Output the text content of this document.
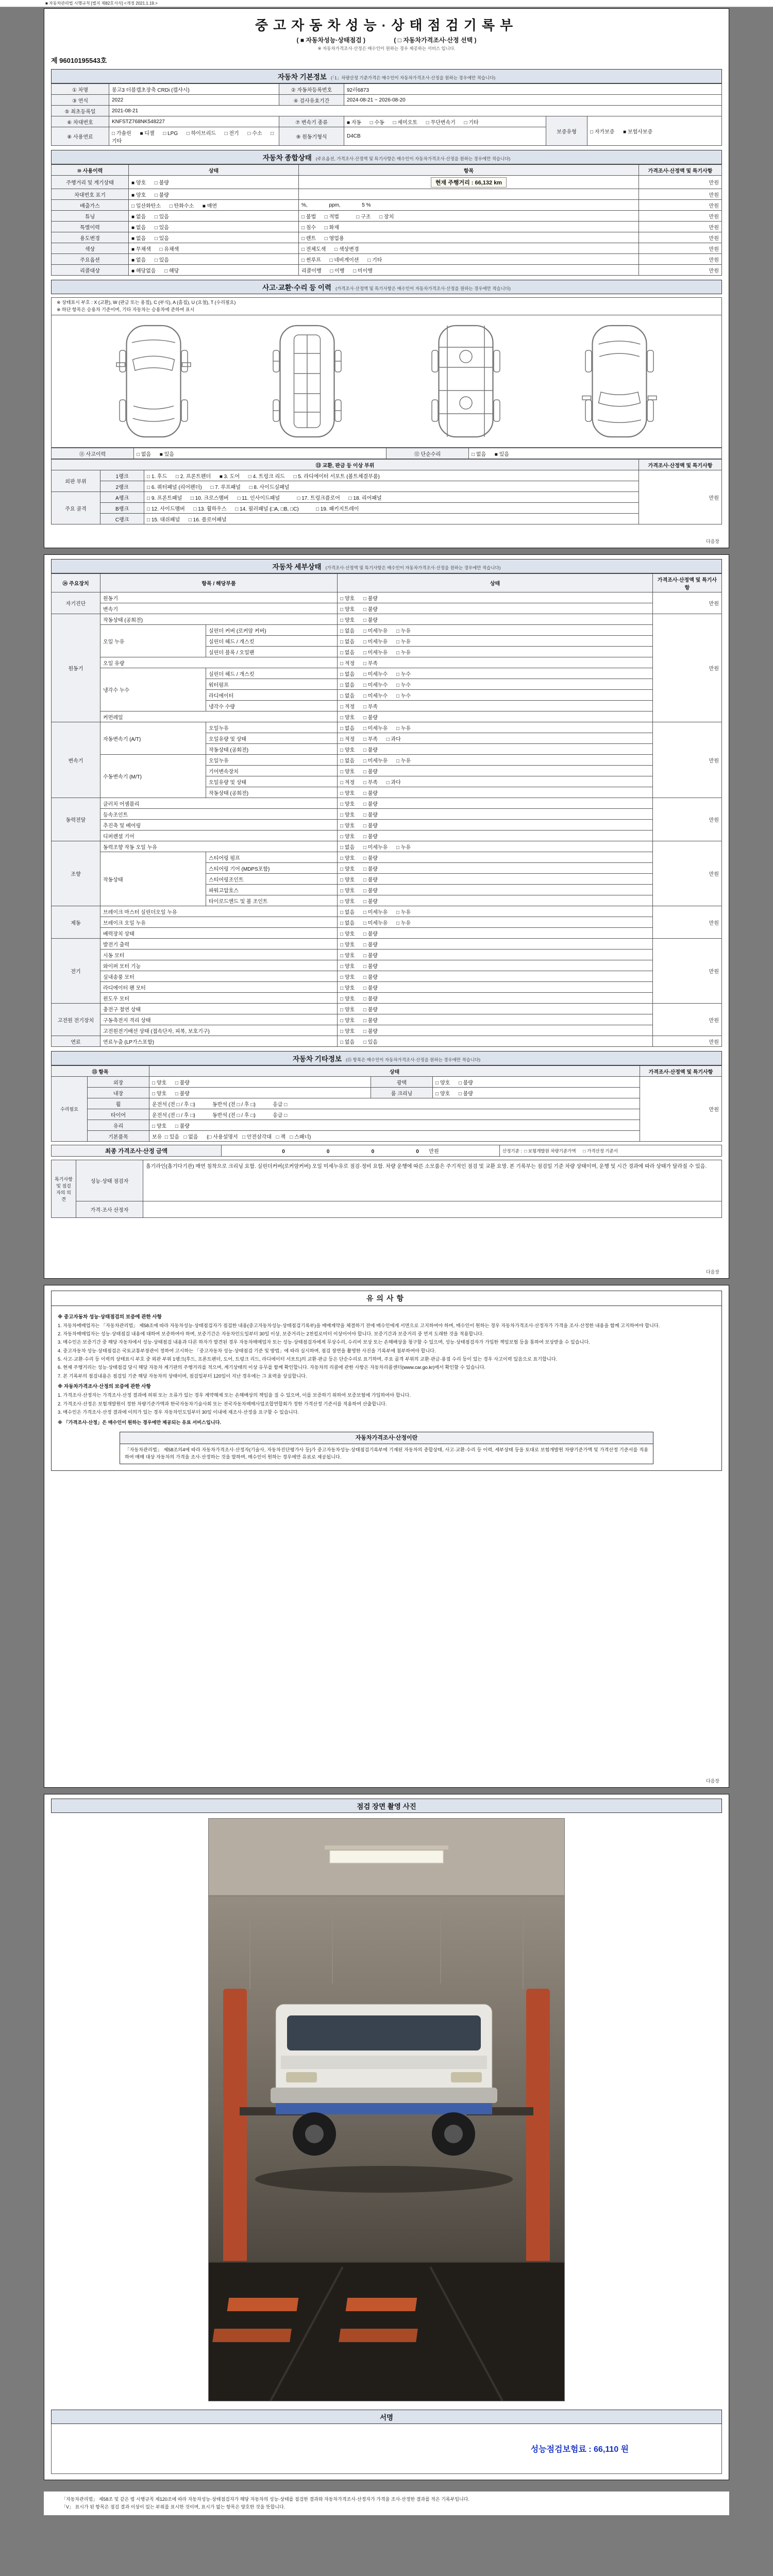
■ 자동차관리법 시행규칙 [별지 제82호서식] <개정 2021.1.19.>
중고자동차성능·상태점검기록부
( ■ 자동차성능·상태점검 )	( □ 자동차가격조사·산정 선택 )
※ 자동차가격조사·산정은 매수인이 원하는 경우 제공하는 서비스 입니다.
제 96010195543호
자동차 기본정보 (「1」차량산정 기준가격은 매수인이 자동차가격조사·산정을 원하는 경우에만 적습니다)
① 차명	봉고3 더블캡초장축 CRDi (캡샤시)	② 자동차등록번호	92러6873		
③ 연식	2022	④ 검사유효기간	2024-08-21 ~ 2026-08-20		
⑤ 최초등록일	2021-08-21				
⑥ 차대번호	KNFSTZ768NK548227	⑦ 변속기 종류	■ 자동      □ 수동      □ 세미오토      □ 무단변속기      □ 기타	보증유형	□ 자가보증      ■ 보험사보증
⑧ 사용연료	□ 가솔린      ■ 디젤      □ LPG      □ 하이브리드      □ 전기      □ 수소      □ 기타	⑨ 원동기형식	D4CB		
자동차 종합상태 (주요옵션, 가격조사·산정액 및 특기사항은 매수인이 자동차가격조사·산정을 원하는 경우에만 적습니다)
⑩ 사용이력	상태	항목	가격조사·산정액 및 특기사항
주행거리 및 계기상태	■ 양호      □ 불량	현재 주행거리 : 66,132 km	만원
차대번호 표기	■ 양호      □ 불량		만원
배출가스	□ 일산화탄소      □ 탄화수소      ■ 매연	%,               ppm,               5 %	만원
튜닝	■ 없음      □ 있음	□ 불법      □ 적법            □ 구조      □ 장치	만원
특별이력	■ 없음      □ 있음	□ 침수      □ 화재	만원
용도변경	■ 없음      □ 있음	□ 렌트      □ 영업용	만원
색상	■ 무채색      □ 유채색	□ 전체도색      □ 색상변경	만원
주요옵션	■ 없음      □ 있음	□ 썬루프      □ 네비게이션      □ 기타	만원
리콜대상	■ 해당없음      □ 해당	리콜이행      □ 이행      □ 미이행	만원
사고·교환·수리 등 이력 (가격조사·산정액 및 특기사항은 매수인이 자동차가격조사·산정을 원하는 경우에만 적습니다)
※ 상태표시 부호 : X (교환), W (판금 또는 용접), C (부식), A (흠집), U (요철), T (수리필요)
※ 하단 항목은 승용차 기준이며, 기타 자동차는 승용차에 준하여 표시
⑪ 사고이력	□ 없음      ■ 있음	⑫ 단순수리	□ 없음      ■ 있음
⑬ 교환, 판금 등 이상 부위			가격조사·산정액 및 특기사항
외판 부위	1랭크	□ 1. 후드      □ 2. 프론트펜더      ■ 3. 도어      □ 4. 트렁크 리드      □ 5. 라디에이터 서포트 (볼트체결부품)	만원
	2랭크	□ 6. 쿼터패널 (리어펜더)      □ 7. 루프패널      □ 8. 사이드실패널	
주요 골격	A랭크	□ 9. 프론트패널      □ 10. 크로스멤버      □ 11. 인사이드패널            □ 17. 트렁크플로어      □ 18. 리어패널	
	B랭크	□ 12. 사이드멤버      □ 13. 휠하우스      □ 14. 필러패널 (□A, □B, □C)            □ 19. 패키지트레이	
	C랭크	□ 15. 대쉬패널      □ 16. 플로어패널	
다음장
자동차 세부상태 (가격조사·산정액 및 특기사항은 매수인이 자동차가격조사·산정을 원하는 경우에만 적습니다)
⑭ 주요장치	항목 / 해당부품		상태	가격조사·산정액 및 특기사항
자기진단	원동기		□ 양호      □ 불량	만원
	변속기		□ 양호      □ 불량	
원동기	작동상태 (공회전)		□ 양호      □ 불량	만원
	오일 누유	실린더 커버 (로커암 커버)	□ 없음      □ 미세누유      □ 누유	
		실린더 헤드 / 개스킷	□ 없음      □ 미세누유      □ 누유	
		실린더 블록 / 오일팬	□ 없음      □ 미세누유      □ 누유	
	오일 유량		□ 적정      □ 부족	
	냉각수 누수	실린더 헤드 / 개스킷	□ 없음      □ 미세누수      □ 누수	
		워터펌프	□ 없음      □ 미세누수      □ 누수	
		라디에이터	□ 없음      □ 미세누수      □ 누수	
		냉각수 수량	□ 적정      □ 부족	
	커먼레일		□ 양호      □ 불량	
변속기	자동변속기 (A/T)	오일누유	□ 없음      □ 미세누유      □ 누유	만원
		오일유량 및 상태	□ 적정      □ 부족      □ 과다	
		작동상태 (공회전)	□ 양호      □ 불량	
	수동변속기 (M/T)	오일누유	□ 없음      □ 미세누유      □ 누유	
		기어변속장치	□ 양호      □ 불량	
		오일유량 및 상태	□ 적정      □ 부족      □ 과다	
		작동상태 (공회전)	□ 양호      □ 불량	
동력전달	클러치 어셈블리		□ 양호      □ 불량	만원
	등속조인트		□ 양호      □ 불량	
	추진축 및 베어링		□ 양호      □ 불량	
	디퍼렌셜 기어		□ 양호      □ 불량	
조향	동력조향 작동 오일 누유		□ 없음      □ 미세누유      □ 누유	만원
	작동상태	스티어링 펌프	□ 양호      □ 불량	
		스티어링 기어 (MDPS포함)	□ 양호      □ 불량	
		스티어링조인트	□ 양호      □ 불량	
		파워고압호스	□ 양호      □ 불량	
		타이로드엔드 및 볼 조인트	□ 양호      □ 불량	
제동	브레이크 마스터 실린더오일 누유		□ 없음      □ 미세누유      □ 누유	만원
	브레이크 오일 누유		□ 없음      □ 미세누유      □ 누유	
	배력장치 상태		□ 양호      □ 불량	
전기	발전기 출력		□ 양호      □ 불량	만원
	시동 모터		□ 양호      □ 불량	
	와이퍼 모터 기능		□ 양호      □ 불량	
	실내송풍 모터		□ 양호      □ 불량	
	라디에이터 팬 모터		□ 양호      □ 불량	
	윈도우 모터		□ 양호      □ 불량	
고전원 전기장치	충전구 절연 상태		□ 양호      □ 불량	만원
	구동축전지 격리 상태		□ 양호      □ 불량	
	고전원전기배선 상태 (접속단자, 피복, 보호기구)		□ 양호      □ 불량	
연료	연료누출 (LP가스포함)		□ 없음      □ 있음	만원
자동차 기타정보 (⑮ 항목은 매수인이 자동차가격조사·산정을 원하는 경우에만 적습니다)
⑮ 항목		상태			가격조사·산정액 및 특기사항
수리필요	외장	□ 양호      □ 불량	광택	□ 양호      □ 불량	만원
	내장	□ 양호      □ 불량	룸 크리닝	□ 양호      □ 불량	
	휠	운전석 (전 □ / 후 □)            동반석 (전 □ / 후 □)            응급 □			
	타이어	운전석 (전 □ / 후 □)            동반석 (전 □ / 후 □)            응급 □			
	유리	□ 양호      □ 불량			
	기본품목	보유  □ 있음   □ 없음      (□ 사용설명서   □ 안전삼각대   □ 잭   □ 스패너)			
최종 가격조사·산정 금액	0    0    0    0 만원	산정기준 :  □ 보험개발원 차량기준가액      □ 가격산정 기준서
특기사항 및 점검자의 의견	성능·상태 점검자	흡기라인(흡기다기관) 매연 침착으로 크리닝 요함. 실린더커버(로커암커버) 오일 미세누유로 점검·정비 요함. 차량 운행에 따른 소모품은 주기적인 점검 및 교환 요망. 본 기록부는 점검일 기준 차량 상태이며, 운행 및 시간 경과에 따라 상태가 달라질 수 있음.
	가격·조사 산정자	
다음장
유의사항

※ 중고자동차 성능·상태점검의 보증에 관한 사항

1. 자동차매매업자는 「자동차관리법」 제58조에 따라 자동차성능·상태점검자가 점검한 내용(중고자동차성능·상태점검기록부)을 매매계약을 체결하기 전에 매수인에게 서면으로 고지하여야 하며, 매수인이 원하는 경우 자동차가격조사·산정자가 가격을 조사·산정한 내용을 함께 고지하여야 합니다.

2. 자동차매매업자는 성능·상태점검 내용에 대하여 보증하여야 하며, 보증기간은 자동차인도일부터 30일 이상, 보증거리는 2천킬로미터 이상이어야 합니다. 보증기간과 보증거리 중 먼저 도래한 것을 적용합니다.

3. 매수인은 보증기간 중 해당 자동차에서 성능·상태점검 내용과 다른 하자가 발견된 경우 자동차매매업자 또는 성능·상태점검자에게 무상수리, 수리비 보상 또는 손해배상을 청구할 수 있으며, 성능·상태점검자가 가입한 책임보험 등을 통하여 보상받을 수 있습니다.

4. 중고자동차 성능·상태점검은 국토교통부장관이 정하여 고시하는 「중고자동차 성능·상태점검 기준 및 방법」에 따라 실시하며, 점검 장면을 촬영한 사진을 기록부에 첨부하여야 합니다.

5. 사고·교환·수리 등 이력의 상태표시 부호 중 외판 부위 1랭크(후드, 프론트펜더, 도어, 트렁크 리드, 라디에이터 서포트)의 교환·판금 등은 단순수리로 표기하며, 주요 골격 부위의 교환·판금·용접 수리 등이 있는 경우 사고이력 있음으로 표기합니다.

6. 현재 주행거리는 성능·상태점검 당시 해당 자동차 계기판의 주행거리를 적으며, 계기상태의 이상 유무를 함께 확인합니다. 자동차의 리콜에 관한 사항은 자동차리콜센터(www.car.go.kr)에서 확인할 수 있습니다.

7. 본 기록부의 점검내용은 점검일 기준 해당 자동차의 상태이며, 점검일부터 120일이 지난 경우에는 그 효력을 상실합니다.

※ 자동차가격조사·산정의 보증에 관한 사항

1. 가격조사·산정자는 가격조사·산정 결과에 허위 또는 오류가 있는 경우 계약해제 또는 손해배상의 책임을 질 수 있으며, 이를 보증하기 위하여 보증보험에 가입하여야 합니다.

2. 가격조사·산정은 보험개발원이 정한 차량기준가액과 한국자동차기술사회 또는 전국자동차매매사업조합연합회가 정한 가격산정 기준서를 적용하여 산출합니다.

3. 매수인은 가격조사·산정 결과에 이의가 있는 경우 자동차인도일부터 30일 이내에 재조사·산정을 요구할 수 있습니다.

※ 「가격조사·산정」은 매수인이 원하는 경우에만 제공되는 유료 서비스입니다.

자동차가격조사·산정이란

「자동차관리법」 제58조의4에 따라 자동차가격조사·산정자(기술사, 자동차진단평가사 등)가 중고자동차성능·상태점검기록부에 기재된 자동차의 종합상태, 사고·교환·수리 등 이력, 세부상태 등을 토대로 보험개발원 차량기준가액 및 가격산정 기준서를 적용하여 매매 대상 자동차의 가격을 조사·산정하는 것을 말하며, 매수인이 원하는 경우에만 유료로 제공됩니다.

다음장
점검 장면 촬영 사진
서명
성능점검보험료 : 66,110 원

「자동차관리법」 제58조 및 같은 법 시행규칙 제120조에 따라 자동차성능·상태점검자가 해당 자동차의 성능·상태를 점검한 결과와 자동차가격조사·산정자가 가격을 조사·산정한 결과를 적은 기록부입니다.

「V」 표시가 된 항목은 점검 결과 이상이 있는 부위를 표시한 것이며, 표시가 없는 항목은 양호한 것을 뜻합니다.
